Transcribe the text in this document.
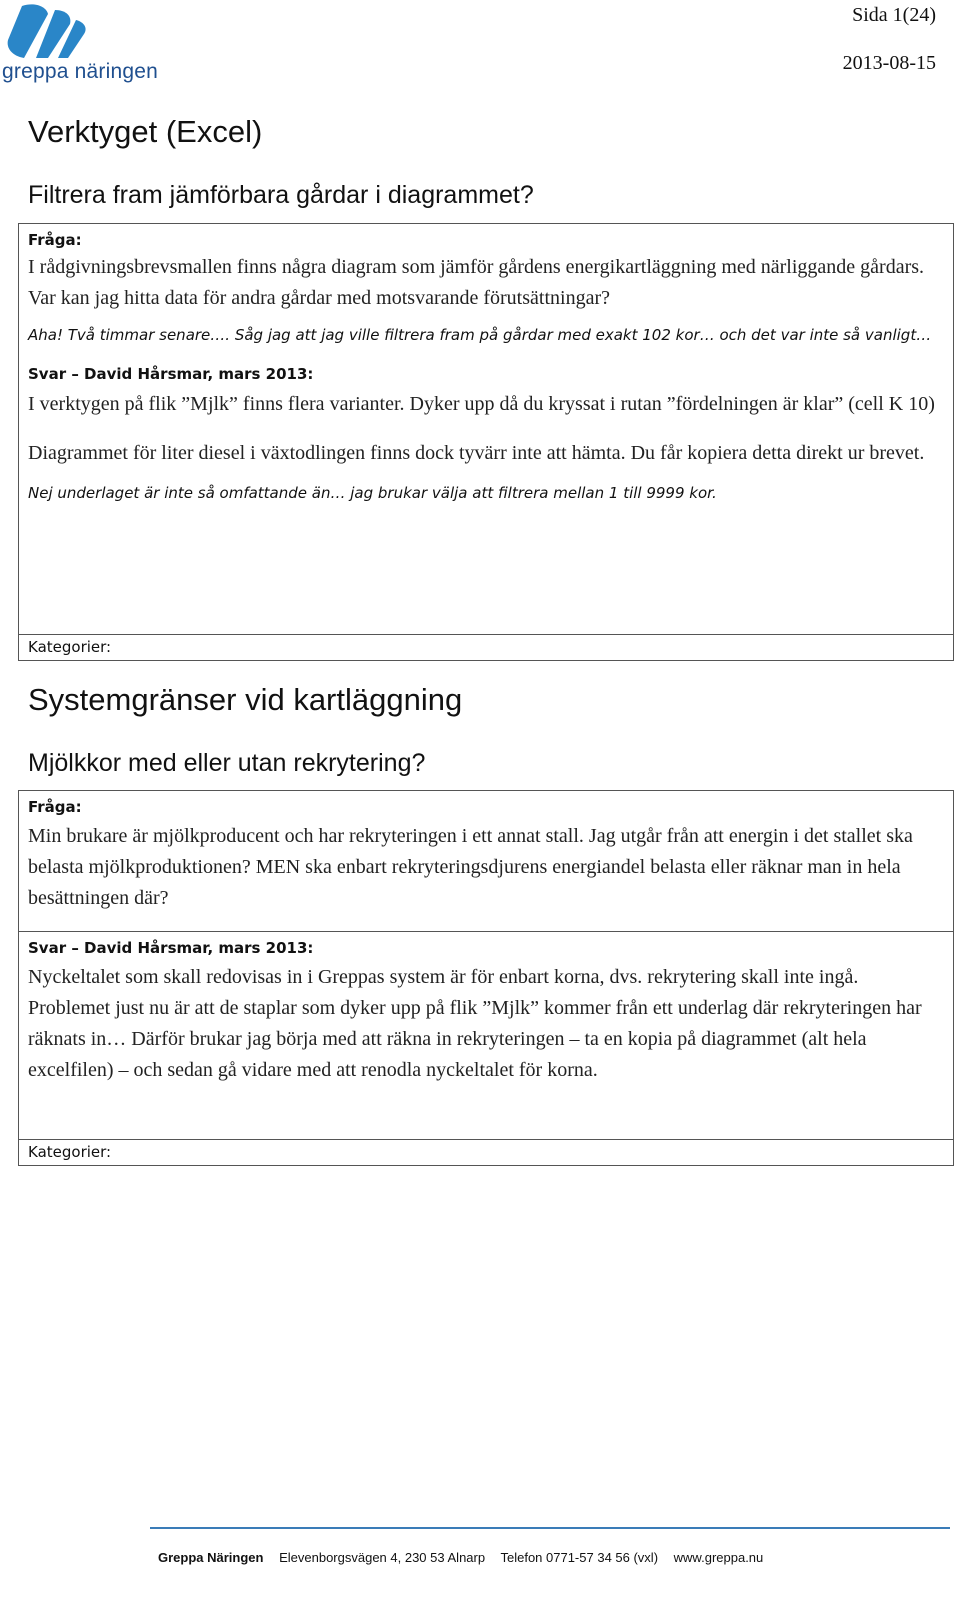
greppa näringen
Sida 1(24)
2013-08-15
Verktyget (Excel)
Filtrera fram jämförbara gårdar i diagrammet?
Fråga:

I rådgivningsbrevsmallen finns några diagram som jämför gårdens energikartläggning med närliggande gårdars. Var kan jag hitta data för andra gårdar med motsvarande förutsättningar?

Aha! Två timmar senare…. Såg jag att jag ville filtrera fram på gårdar med exakt 102 kor… och det var inte så vanligt…

Svar – David Hårsmar, mars 2013:

I verktygen på flik ”Mjlk” finns flera varianter. Dyker upp då du kryssat i rutan ”fördelningen är klar” (cell K 10)

Diagrammet för liter diesel i växtodlingen finns dock tyvärr inte att hämta. Du får kopiera detta direkt ur brevet.

Nej underlaget är inte så omfattande än… jag brukar välja att filtrera mellan 1 till 9999 kor.

Kategorier:
Systemgränser vid kartläggning
Mjölkkor med eller utan rekrytering?
Fråga:

Min brukare är mjölkproducent och har rekryteringen i ett annat stall. Jag utgår från att energin i det stallet ska belasta mjölkproduktionen? MEN ska enbart rekryteringsdjurens energiandel belasta eller räknar man in hela besättningen där?

Svar – David Hårsmar, mars 2013:

Nyckeltalet som skall redovisas in i Greppas system är för enbart korna, dvs. rekrytering skall inte ingå. Problemet just nu är att de staplar som dyker upp på flik ”Mjlk” kommer från ett underlag där rekryteringen har räknats in… Därför brukar jag börja med att räkna in rekryteringen – ta en kopia på diagrammet (alt hela excelfilen) – och sedan gå vidare med att renodla nyckeltalet för korna.

Kategorier:
Greppa Näringen Elevenborgsvägen 4, 230 53 Alnarp Telefon 0771-57 34 56 (vxl) www.greppa.nu
